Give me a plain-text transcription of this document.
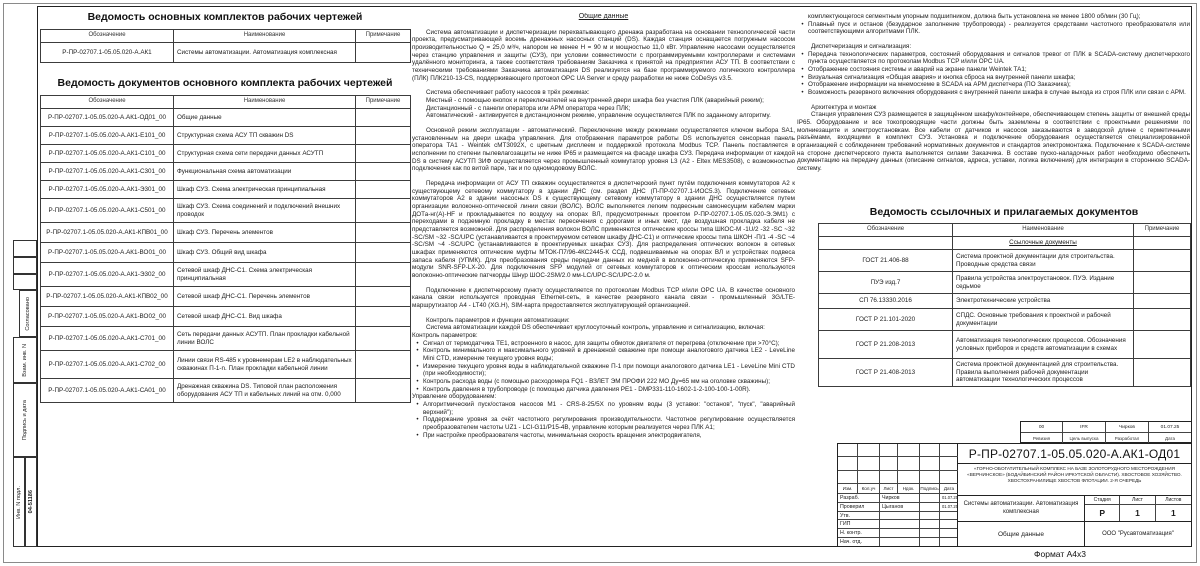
Согласовано
Взам. инв. N
Подпись и дата
Инв. N подл. 04-51186
Ведомость основных комплектов рабочих чертежей
Обозначение	Наименование	Примечание
Р-ПР-02707.1-05.05.020-А.АК1	Системы автоматизации. Автоматизация комплексная	
Ведомость документов основного комплекта рабочих чертежей
Обозначение	Наименование	Примечание
Р-ПР-02707.1-05.05.020-А.АК1-ОД01_00	Общие данные	
Р-ПР-02707.1-05.05.020-А.АК1-Е101_00	Структурная схема АСУ ТП скважин DS	
Р-ПР-02707.1-05.05.020-А.АК1-С101_00	Структурная схема сети передачи данных АСУТП	
Р-ПР-02707.1-05.05.020-А.АК1-С301_00	Функциональная схема автоматизации	
Р-ПР-02707.1-05.05.020-А.АК1-Э301_00	Шкаф СУЗ. Схема электрическая принципиальная	
Р-ПР-02707.1-05.05.020-А.АК1-С501_00	Шкаф СУЗ. Схема соединений и подключений внешних проводок	
Р-ПР-02707.1-05.05.020-А.АК1-КПВ01_00	Шкаф СУЗ. Перечень элементов	
Р-ПР-02707.1-05.05.020-А.АК1-ВО01_00	Шкаф СУЗ. Общий вид шкафа	
Р-ПР-02707.1-05.05.020-А.АК1-Э302_00	Сетевой шкаф ДНС-С1. Схема электрическая принципиальная	
Р-ПР-02707.1-05.05.020-А.АК1-КПВ02_00	Сетевой шкаф ДНС-С1. Перечень элементов	
Р-ПР-02707.1-05.05.020-А.АК1-ВО02_00	Сетевой шкаф ДНС-С1. Вид шкафа	
Р-ПР-02707.1-05.05.020-А.АК1-С701_00	Сеть передачи данных АСУТП. План прокладки кабельной линии ВОЛС	
Р-ПР-02707.1-05.05.020-А.АК1-С702_00	Линии связи RS-485 к уровнемерам LE2 в наблюдательных скважинах П-1-n. План прокладки кабельной линии	
Р-ПР-02707.1-05.05.020-А.АК1-СА01_00	Дренажная скважина DS. Типовой план расположения оборудования АСУ ТП и кабельных линий на отм. 0,000	
Общие данные

Система автоматизации и диспетчеризации перехватывающего дренажа разработана на основании технологической части проекта, предусматривающей восемь дренажных насосных станций (DS). Каждая станция оснащается погружным насосом производительностью Q = 25,0 м³/ч, напором не менее Н = 90 м и мощностью 11,0 кВт. Управление насосами осуществляется через станцию управления и защиты (СУЗ), при условии совместимости с программируемыми контроллерами и системами удалённого мониторинга, а также соответствия требованиям Заказчика к принятой на предприятии АСУ ТП. В соответствии с техническими требованиями Заказчика автоматизация DS реализуется на базе программируемого логического контроллера (ПЛК) ПЛК210-13-CS, поддерживающего протокол OPC UA Server и среду разработки не ниже CoDeSys v3.5.

Система обеспечивает работу насосов в трёх режимах:

Местный - с помощью кнопок и переключателей на внутренней двери шкафа без участия ПЛК (аварийный режим);

Дистанционный - с панели оператора или АРМ оператора через ПЛК;

Автоматический - активируется в дистанционном режиме, управление осуществляется ПЛК по заданному алгоритму.

Основной режим эксплуатации - автоматический. Переключение между режимами осуществляется ключом выбора SA1, установленным на двери шкафа управления. Для отображения параметров работы DS используется сенсорная панель оператора ТА1 - Weintek cMT3092X, с цветным дисплеем и поддержкой протокола Modbus TCP. Панель поставляется в исполнении по степени пылевлагозащиты не ниже IP65 и размещается на фасаде шкафа СУЗ. Передача информации от каждой DS в систему АСУТП ЗИФ осуществляется через промышленный коммутатор уровня L3 (А2 - Eltex MES3508), с возможностью подключения как по витой паре, так и по одномодовому ВОЛС.

Передача информации от АСУ ТП скважин осуществляется в диспетчерский пункт путём подключения коммутаторов А2 к существующему сетевому коммутатору в здании ДНС (см. раздел ДНС (П-ПР-02707.1-ИОС5.3). Подключение сетевых коммутаторов А2 в здании насосных DS к существующему сетевому коммутатору в здании ДНС осуществляется путем организации волоконно-оптической линии связи (ВОЛС). ВОЛС выполняется легким подвесным самонесущим кабелем марки ДОТа-нг(А)-HF и прокладывается по воздуху на опорах ВЛ, предусмотренных проектом Р-ПР-02707.1-05.05.020-Э.ЭМ1) с переходами в подземную прокладку в местах пересечения с дорогами и иных мест, где воздушная прокладка кабеля не представляется возможной. Для распределения волокон ВОЛС применяются оптические кроссы типа ШКОС-М -1U/2 -32 -SC ~32 -SC/SM ~32 -SC/UPC (устанавливается в проектируемом сетевом шкафу ДНС-С1) и оптические кроссы типа ШКОН -П/1 -4 -SC ~4 -SC/SM ~4 -SC/UPC (устанавливаются в проектируемых шкафах СУЗ). Для распределения оптических волокон в сетевых шкафах применяются оптические муфты МТОК-П7/96-4КС2445-К ССД, подвешиваемые на опорах ВЛ и устройствах подвеса запаса кабеля (УПМК). Для преобразования среды передачи данных из медной в волоконно-оптическую применяются SFP-модули SNR-SFP-LX-20. Для подключения SFP модулей от сетевых коммутаторов к оптическим кроссам используются волоконно-оптические патчкорды Шнур ШОС-2SM/2.0 мм-LC/UPC-SC/UPC-2.0 м.

Подключение к диспетчерскому пункту осуществляется по протоколам Modbus TCP и/или OPC UA. В качестве основного канала связи используется проводная Ethernet-сеть, в качестве резервного канала связи - промышленный 3G/LTE-маршрутизатор А4 - LT40 (XG.H), SIM-карта предоставляется эксплуатирующей организацией.

Контроль параметров и функции автоматизации:

Система автоматизации каждой DS обеспечивает круглосуточный контроль, управление и сигнализацию, включая:

Контроль параметров:

• Сигнал от термодатчика ТЕ1, встроенного в насос, для защиты обмоток двигателя от перегрева (отключение при >70°С);
• Контроль минимального и максимального уровней в дренажной скважине при помощи аналогового датчика LE2 - LeveLine Mini CTD, измерение текущего уровня воды;
• Измерение текущего уровня воды в наблюдательной скважине П-1 при помощи аналогового датчика LE1 - LeveLine Mini CTD (при необходимости);
• Контроль расхода воды (с помощью расходомера FQ1 - ВЗЛЕТ ЭМ ПРОФИ 222 МО Ду=65 мм на оголовке скважины);
• Контроль давления в трубопроводе (с помощью датчика давления РЕ1 - DMP331-110-1602-1-2-100-100-1-00R).

Управление оборудованием:

• Алгоритмический пуск/останов насосов М1 - CRS-8-25/5X по уровням воды (3 уставки: "останов", "пуск", "аварийный верхний");
• Поддержание уровня за счёт частотного регулирования производительности. Частотное регулирование осуществляется преобразователем частоты UZ1 - LCI-G11/P15-4В, управление которым реализуется через ПЛК А1;
• При настройке преобразователя частоты, минимальная скорость вращения электродвигателя,

комплектующегося сегментным упорным подшипником, должна быть установлена не менее 1800 об/мин (30 Гц);

• Плавный пуск и останов (безударное заполнение трубопровода) - реализуется средствами частотного преобразователя или соответствующими алгоритмами ПЛК.

Диспетчеризация и сигнализация:

• Передача технологических параметров, состояний оборудования и сигналов тревог от ПЛК в SCADA-систему диспетчерского пункта осуществляется по протоколам Modbus TCP и/или OPC UA.
• Отображение состояния системы и аварий на экране панели Weintek ТА1;
• Визуальная сигнализация «Общая авария» и кнопка сброса на внутренней панели шкафа;
• Отображение информации на мнемосхеме в SCADA на АРМ диспетчера (ПО Заказчика);
• Возможность резервного включения оборудования с внутренней панели шкафа в случае выхода из строя ПЛК или связи с АРМ.

Архитектура и монтаж

Станция управления СУЗ размещается в защищённом шкафу/контейнере, обеспечивающем степень защиты от внешней среды IP65. Оборудование и все токопроводящие части должны быть заземлены в соответствии с проектными решениями по молниезащите и электроустановкам. Все кабели от датчиков и насосов заказываются в заводской длине с герметичными разъёмами, входящими в комплект СУЗ. Установка и подключение оборудования осуществляется специализированной организацией с соблюдением требований нормативных документов и стандартов электромонтажа. Подключение к SCADA-системе на стороне диспетчерского пункта выполняется силами Заказчика. В составе пуско-наладочных работ необходимо обеспечить документацию на передачу данных (описание сигналов, адреса, уставки, логика включения) для интеграции в стороннюю SCADA-систему.

Ведомость ссылочных и прилагаемых документов
Обозначение	Наименование	Примечание
	Ссылочные документы	
ГОСТ 21.406-88	Система проектной документации для строительства. Проводные средства связи	
ПУЭ изд.7	Правила устройства электроустановок. ПУЭ. Издание седьмое	
СП 76.13330.2016	Электротехнические устройства	
ГОСТ Р 21.101-2020	СПДС. Основные требования к проектной и рабочей документации	
ГОСТ Р 21.208-2013	Автоматизация технологических процессов. Обозначения условных приборов и средств автоматизации в схемах	
ГОСТ Р 21.408-2013	Система проектной документацией для строительства. Правила выполнения рабочей документации автоматизации технологических процессов	
00	IFR	Чирков	01.07.25
Ревизия	Цель выпуска	Разработал	Дата
Изм.	Кол.уч	Лист	Ндок.	Подпись	Дата
Разраб.	Чирков	01.07.25
Проверил	Цыганов	01.07.25
Утв.
ГИП
Н. контр.
Нач. отд.
Р-ПР-02707.1-05.05.020-А.АК1-ОД01
«ГОРНО-ОБОГАТИТЕЛЬНЫЙ КОМПЛЕКС НА БАЗЕ ЗОЛОТОРУДНОГО МЕСТОРОЖДЕНИЯ «ВЕРНИНСКОЕ» (БОДАЙБИНСКИЙ РАЙОН ИРКУТСКОЙ ОБЛАСТИ). ХВОСТОВОЕ ХОЗЯЙСТВО. ХВОСТОХРАНИЛИЩЕ ХВОСТОВ ФЛОТАЦИИ. 2-Я ОЧЕРЕДЬ
Системы автоматизации. Автоматизация комплексная
Стадия	Лист	Листов
Р	1	1
Общие данные	ООО "Русавтоматизация"
Формат А4х3
